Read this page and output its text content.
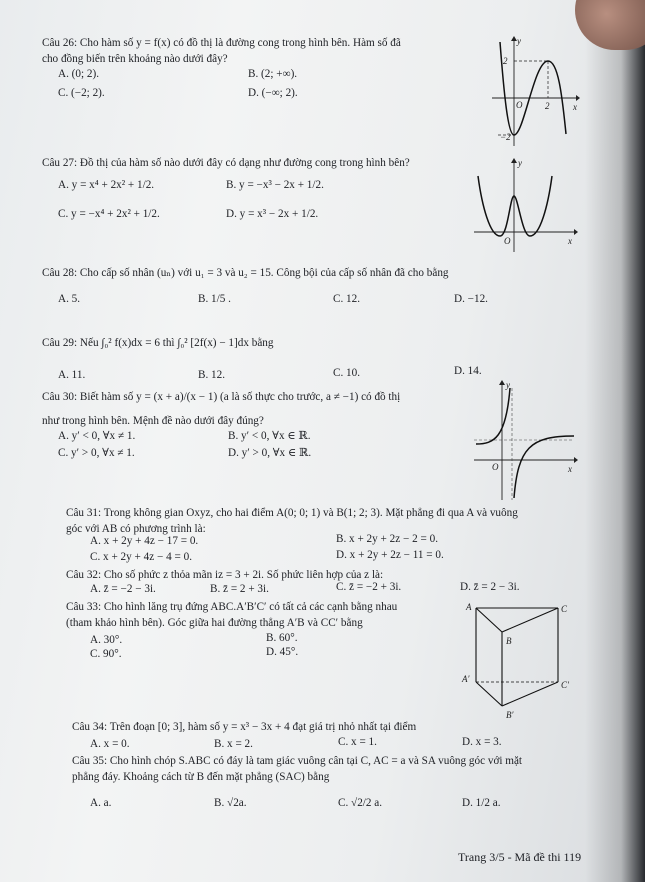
Câu 26: Cho hàm số y = f(x) có đồ thị là đường cong trong hình bên. Hàm số đã
cho đồng biến trên khoảng nào dưới đây?
A. (0; 2).	B. (2; +∞).
C. (−2; 2).	D. (−∞; 2).
y
x
O
2
−2
2
Câu 27: Đồ thị của hàm số nào dưới đây có dạng như đường cong trong hình bên?
A. y = x⁴ + 2x² + 1/2.	B. y = −x³ − 2x + 1/2.
C. y = −x⁴ + 2x² + 1/2.	D. y = x³ − 2x + 1/2.
y
x
O
Câu 28: Cho cấp số nhân (uₙ) với u₁ = 3 và u₂ = 15. Công bội của cấp số nhân đã cho bằng
A. 5.	B. 1/5 .	C. 12.	D. −12.
Câu 29: Nếu ∫₀² f(x)dx = 6 thì ∫₀² [2f(x) − 1]dx bằng
A. 11.	B. 12.	C. 10.	D. 14.
Câu 30: Biết hàm số y = (x + a)/(x − 1) (a là số thực cho trước, a ≠ −1) có đồ thị
như trong hình bên. Mệnh đề nào dưới đây đúng?
A. y′ < 0, ∀x ≠ 1.	B. y′ < 0, ∀x ∈ ℝ.
C. y′ > 0, ∀x ≠ 1.	D. y′ > 0, ∀x ∈ ℝ.
y
x
O
Câu 31: Trong không gian Oxyz, cho hai điểm A(0; 0; 1) và B(1; 2; 3). Mặt phẳng đi qua A và vuông
góc với AB có phương trình là:
A. x + 2y + 4z − 17 = 0.	B. x + 2y + 2z − 2 = 0.
C. x + 2y + 4z − 4 = 0.	D. x + 2y + 2z − 11 = 0.
Câu 32: Cho số phức z thỏa mãn iz = 3 + 2i. Số phức liên hợp của z là:
A. z̄ = −2 − 3i.	B. z̄ = 2 + 3i.	C. z̄ = −2 + 3i.	D. z̄ = 2 − 3i.
Câu 33: Cho hình lăng trụ đứng ABC.A′B′C′ có tất cả các cạnh bằng nhau
(tham khảo hình bên). Góc giữa hai đường thẳng A′B và CC′ bằng
A. 30°.	B. 60°.
C. 90°.	D. 45°.
A
B
C
A′
B′
C′
Câu 34: Trên đoạn [0; 3], hàm số y = x³ − 3x + 4 đạt giá trị nhỏ nhất tại điểm
A. x = 0.	B. x = 2.	C. x = 1.	D. x = 3.
Câu 35: Cho hình chóp S.ABC có đáy là tam giác vuông cân tại C, AC = a và SA vuông góc với mặt
phẳng đáy. Khoảng cách từ B đến mặt phẳng (SAC) bằng
A. a.	B. √2a.	C. √2/2 a.	D. 1/2 a.
Trang 3/5 - Mã đề thi 119
